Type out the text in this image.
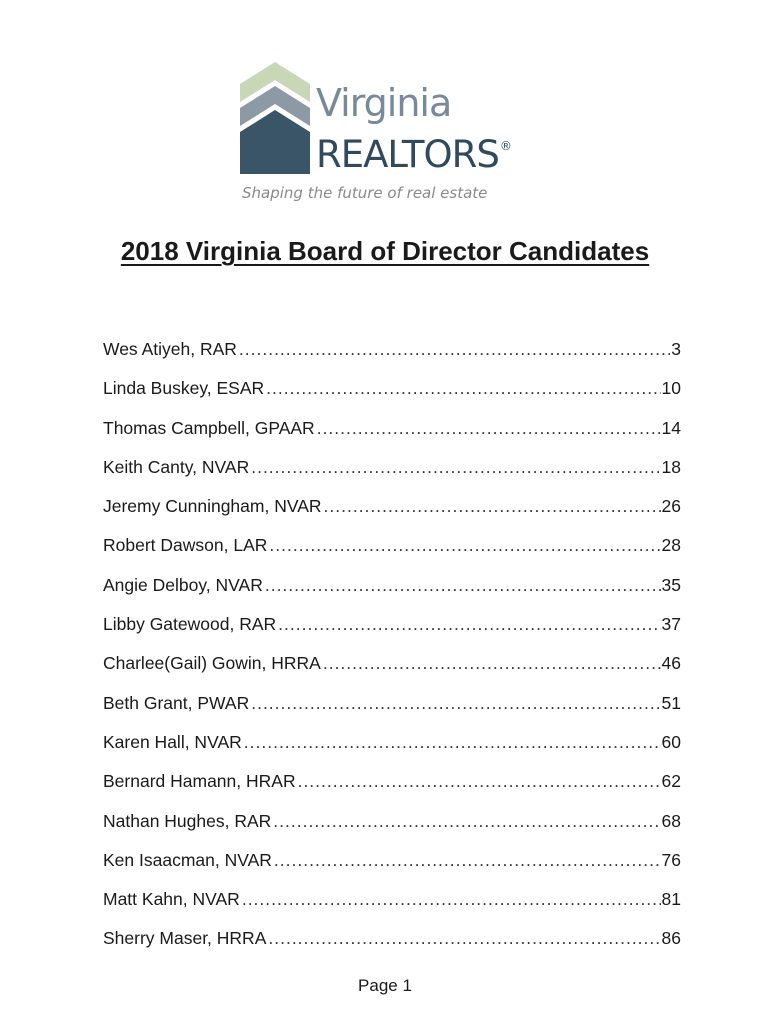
Virginia
REALTORS®
Shaping the future of real estate
2018 Virginia Board of Director Candidates
Wes Atiyeh, RAR .....	3
Linda Buskey, ESAR .....	10
Thomas Campbell, GPAAR .....	14
Keith Canty, NVAR .....	18
Jeremy Cunningham, NVAR .....	26
Robert Dawson, LAR .....	28
Angie Delboy, NVAR .....	35
Libby Gatewood, RAR .....	37
Charlee(Gail) Gowin, HRRA .....	46
Beth Grant, PWAR .....	51
Karen Hall, NVAR .....	60
Bernard Hamann, HRAR .....	62
Nathan Hughes, RAR .....	68
Ken Isaacman, NVAR .....	76
Matt Kahn, NVAR .....	81
Sherry Maser, HRRA .....	86
Page 1
